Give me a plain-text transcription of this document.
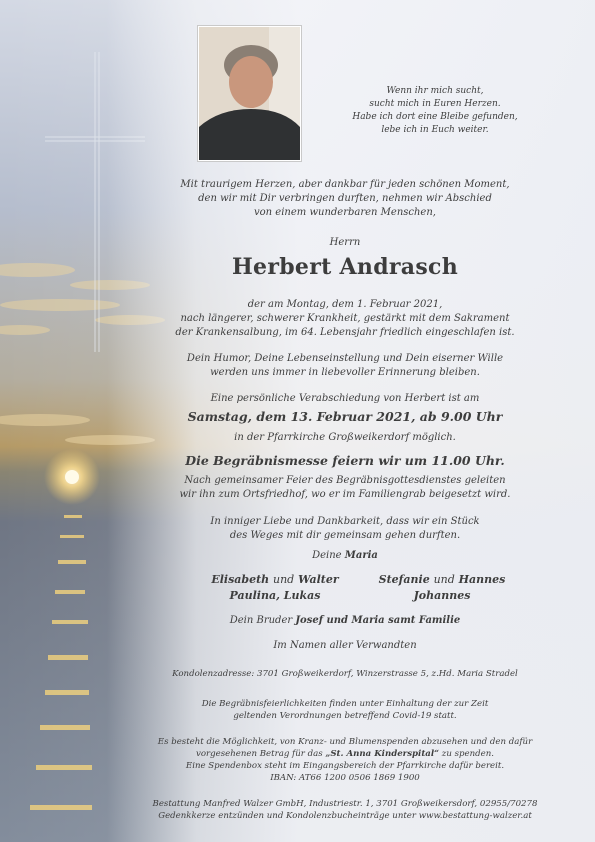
Wenn ihr mich sucht,
sucht mich in Euren Herzen.
Habe ich dort eine Bleibe gefunden,
lebe ich in Euch weiter.

Mit traurigem Herzen, aber dankbar für jeden schönen Moment,
den wir mit Dir verbringen durften, nehmen wir Abschied
von einem wunderbaren Menschen,

Herrn

Herbert Andrasch

der am Montag, dem 1. Februar 2021,
nach längerer, schwerer Krankheit, gestärkt mit dem Sakrament
der Krankensalbung, im 64. Lebensjahr friedlich eingeschlafen ist.

Dein Humor, Deine Lebenseinstellung und Dein eiserner Wille
werden uns immer in liebevoller Erinnerung bleiben.

Eine persönliche Verabschiedung von Herbert ist am

Samstag, dem 13. Februar 2021, ab 9.00 Uhr

in der Pfarrkirche Großweikerdorf möglich.

Die Begräbnismesse feiern wir um 11.00 Uhr.

Nach gemeinsamer Feier des Begräbnisgottesdienstes geleiten
wir ihn zum Ortsfriedhof, wo er im Familiengrab beigesetzt wird.

In inniger Liebe und Dankbarkeit, dass wir ein Stück
des Weges mit dir gemeinsam gehen durften.

Deine Maria

Elisabeth und Walter
Paulina, Lukas
Stefanie und Hannes
Johannes

Dein Bruder Josef und Maria samt Familie

Im Namen aller Verwandten

Kondolenzadresse: 3701 Großweikerdorf, Winzerstrasse 5, z.Hd. Maria Stradel

Die Begräbnisfeierlichkeiten finden unter Einhaltung der zur Zeit
geltenden Verordnungen betreffend Covid-19 statt.

Es besteht die Möglichkeit, von Kranz- und Blumenspenden abzusehen und den dafür
vorgesehenen Betrag für das „St. Anna Kinderspital“ zu spenden.
Eine Spendenbox steht im Eingangsbereich der Pfarrkirche dafür bereit.
IBAN: AT66 1200 0506 1869 1900

Bestattung Manfred Walzer GmbH, Industriestr. 1, 3701 Großweikersdorf, 02955/70278
Gedenkkerze entzünden und Kondolenzbucheinträge unter www.bestattung-walzer.at
